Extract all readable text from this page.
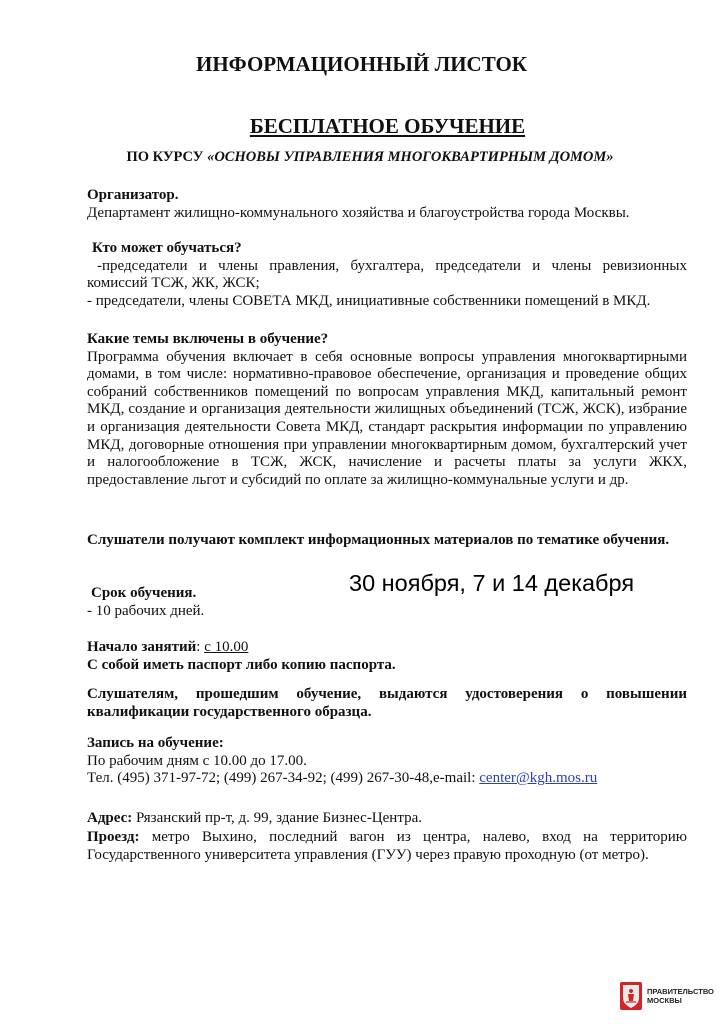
ИНФОРМАЦИОННЫЙ ЛИСТОК
БЕСПЛАТНОЕ ОБУЧЕНИЕ
ПО КУРСУ «ОСНОВЫ УПРАВЛЕНИЯ МНОГОКВАРТИРНЫМ ДОМОМ»
Организатор.
Департамент жилищно-коммунального хозяйства и благоустройства города Москвы.
Кто может обучаться?
-председатели и члены правления, бухгалтера, председатели и члены ревизионных комиссий ТСЖ, ЖК, ЖСК;
- председатели, члены СОВЕТА МКД, инициативные собственники помещений в МКД.
Какие темы включены в обучение?
Программа обучения включает в себя основные вопросы управления многоквартирными домами, в том числе: нормативно-правовое обеспечение, организация и проведение общих собраний собственников помещений по вопросам управления МКД, капитальный ремонт МКД, создание и организация деятельности жилищных объединений (ТСЖ, ЖСК), избрание и организация деятельности Совета МКД, стандарт раскрытия информации по управлению МКД, договорные отношения при управлении многоквартирным домом, бухгалтерский учет и налогообложение в ТСЖ, ЖСК, начисление и расчеты платы за услуги ЖКХ, предоставление льгот и субсидий по оплате за жилищно-коммунальные услуги и др.
Слушатели получают комплект информационных материалов по тематике обучения.
30 ноября, 7 и 14 декабря
Срок обучения.
- 10 рабочих дней.
Начало занятий: с 10.00
С собой иметь паспорт либо копию паспорта.
Слушателям, прошедшим обучение, выдаются удостоверения о повышении квалификации государственного образца.
Запись на обучение:
По рабочим дням с 10.00 до 17.00.
Тел. (495) 371-97-72; (499) 267-34-92; (499) 267-30-48,e-mail: center@kgh.mos.ru
Адрес: Рязанский пр-т, д. 99, здание Бизнес-Центра.
Проезд: метро Выхино, последний вагон из центра, налево, вход на территорию Государственного университета управления (ГУУ) через правую проходную (от метро).
ПРАВИТЕЛЬСТВО
МОСКВЫ
